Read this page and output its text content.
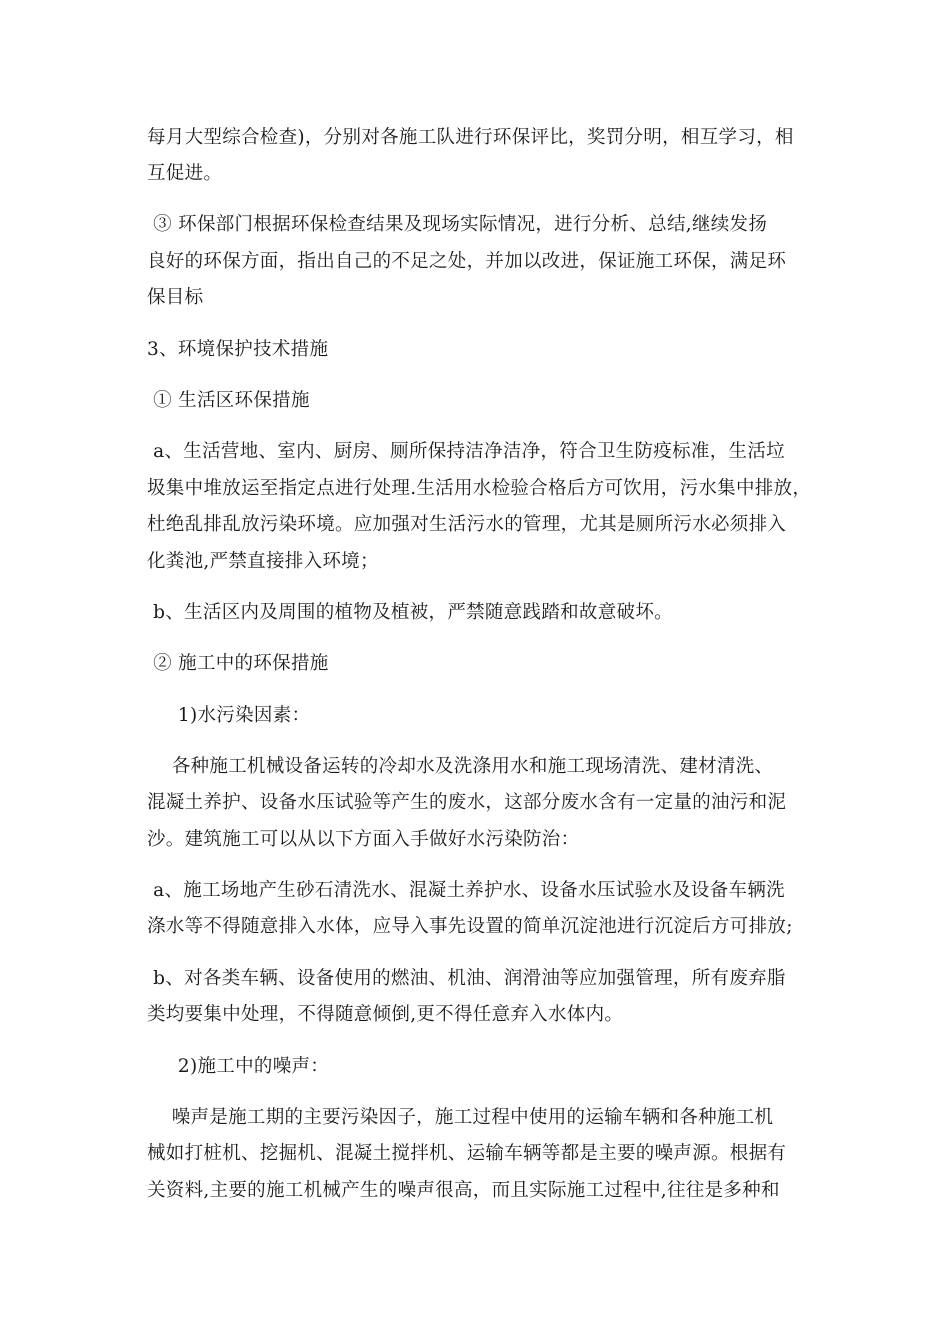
每月大型综合检查)，分别对各施工队进行环保评比，奖罚分明，相互学习，相
互促进。
③ 环保部门根据环保检查结果及现场实际情况，进行分析、总结,继续发扬
良好的环保方面，指出自己的不足之处，并加以改进，保证施工环保，满足环
保目标
3、环境保护技术措施
① 生活区环保措施
a、生活营地、室内、厨房、厕所保持洁净洁净，符合卫生防疫标准，生活垃
圾集中堆放运至指定点进行处理.生活用水检验合格后方可饮用，污水集中排放，
杜绝乱排乱放污染环境。应加强对生活污水的管理，尤其是厕所污水必须排入
化粪池,严禁直接排入环境；
b、生活区内及周围的植物及植被，严禁随意践踏和故意破坏。
② 施工中的环保措施
1)水污染因素：
各种施工机械设备运转的冷却水及洗涤用水和施工现场清洗、建材清洗、
混凝土养护、设备水压试验等产生的废水，这部分废水含有一定量的油污和泥
沙。建筑施工可以从以下方面入手做好水污染防治：
a、施工场地产生砂石清洗水、混凝土养护水、设备水压试验水及设备车辆洗
涤水等不得随意排入水体，应导入事先设置的简单沉淀池进行沉淀后方可排放;
b、对各类车辆、设备使用的燃油、机油、润滑油等应加强管理，所有废弃脂
类均要集中处理，不得随意倾倒,更不得任意弃入水体内。
2)施工中的噪声：
噪声是施工期的主要污染因子，施工过程中使用的运输车辆和各种施工机
械如打桩机、挖掘机、混凝土搅拌机、运输车辆等都是主要的噪声源。根据有
关资料,主要的施工机械产生的噪声很高，而且实际施工过程中,往往是多种和
